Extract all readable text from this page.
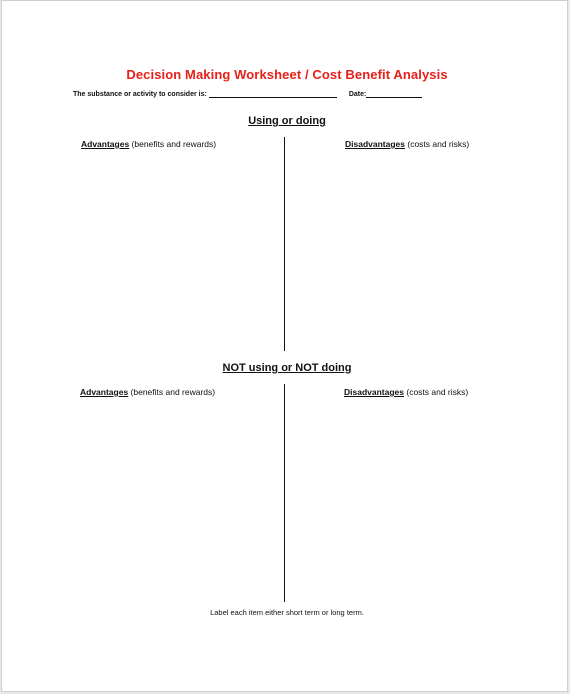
Decision Making Worksheet / Cost Benefit Analysis
The substance or activity to consider is:	Date:
Using or doing
Advantages (benefits and rewards)	Disadvantages (costs and risks)
NOT using or NOT doing
Advantages (benefits and rewards)	Disadvantages (costs and risks)
Label each item either short term or long term.
